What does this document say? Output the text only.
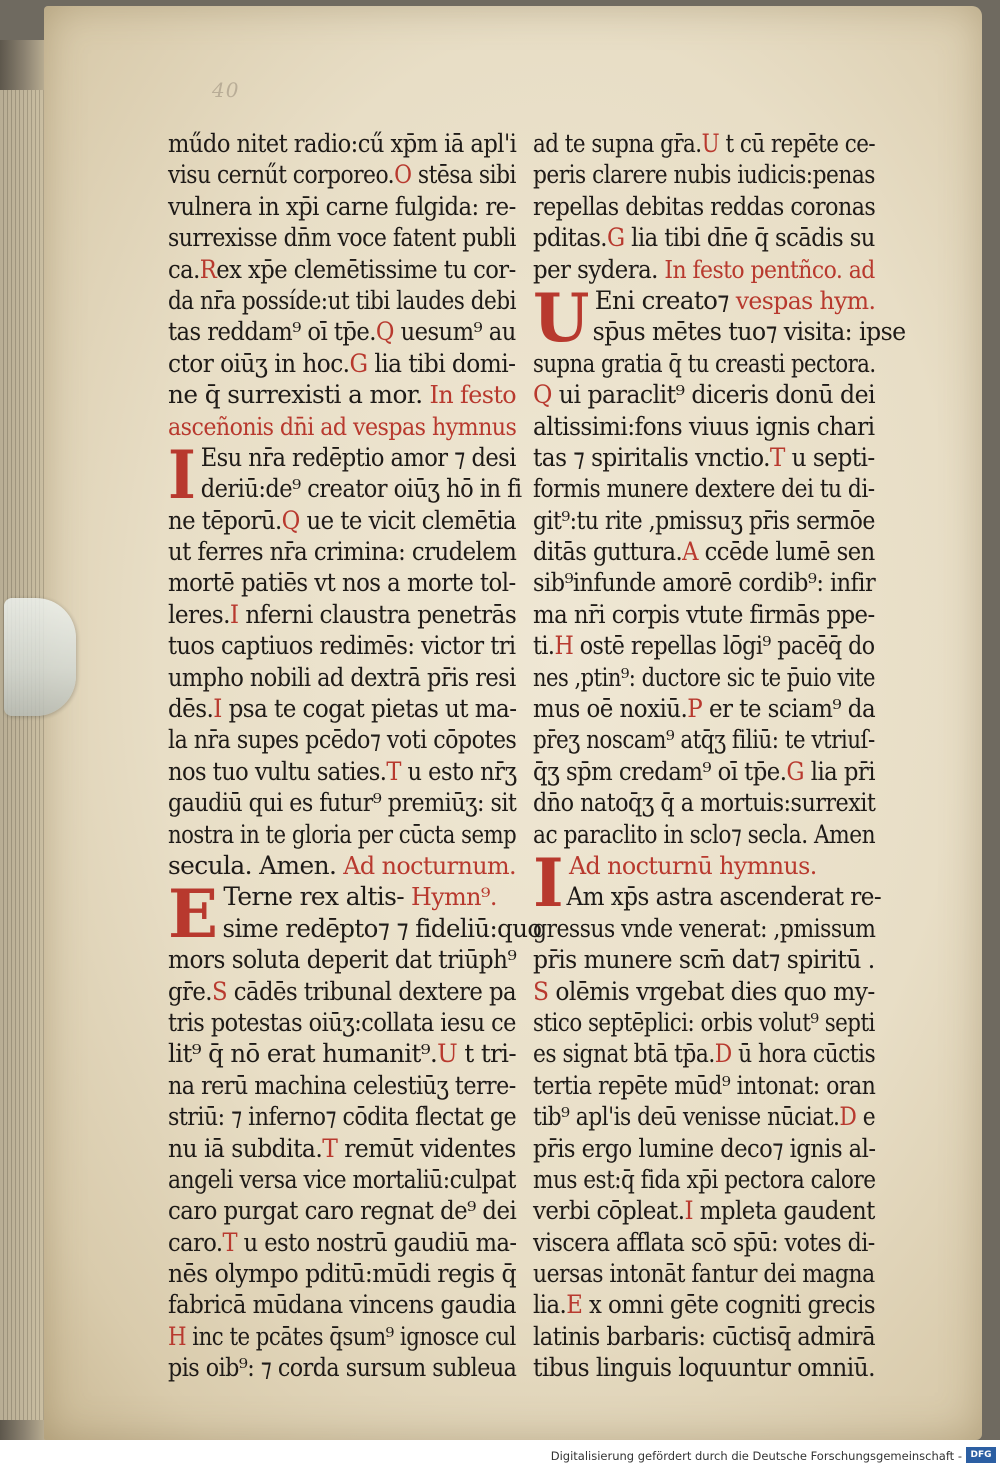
40
műdo nitet radio:cű xp̄m iā apl'i
visu cernűt corporeo.O stēsa sibi
vulnera in xp̄i carne fulgida: re-
surrexisse dn̄m voce fatent publi
ca.Rex xp̄e clemētissime tu cor-
da nr̄a possíde:ut tibi laudes debi
tas reddam⁹ oī tp̄e.Q uesum⁹ au
ctor oiūʒ in hoc.G lia tibi domi-
ne q̄ surrexisti a mor. In festo
asceñonis dn̄i ad vespas hymnus
I Esu nr̄a redēptio amor ⁊ desi
deriū:de⁹ creator oiūʒ hō in fi
ne tēporū.Q ue te vicit clemētia
ut ferres nr̄a crimina: crudelem
mortē patiēs vt nos a morte tol-
leres.I nferni claustra penetrās
tuos captiuos redimēs: victor tri
umpho nobili ad dextrā pr̄is resi
dēs.I psa te cogat pietas ut ma-
la nr̄a supes pcēdo⁊ voti cōpotes
nos tuo vultu saties.T u esto nr̄ʒ
gaudiū qui es futur⁹ premiūʒ: sit
nostra in te gloria per cūcta semp
secula. Amen. Ad nocturnum.
E Terne rex altis- Hymn⁹.
sime redēpto⁊ ⁊ fideliū:quo
mors soluta deperit dat triūph⁹
gr̄e.S cādēs tribunal dextere pa
tris potestas oiūʒ:collata iesu ce
lit⁹ q̄ nō erat humanit⁹.U t tri-
na rerū machina celestiūʒ terre-
striū: ⁊ inferno⁊ cōdita flectat ge
nu iā subdita.T remūt videntes
angeli versa vice mortaliū:culpat
caro purgat caro regnat de⁹ dei
caro.T u esto nostrū gaudiū ma-
nēs olympo pditū:mūdi regis q̄
fabricā mūdana vincens gaudia
H inc te pcātes q̄sum⁹ ignosce cul
pis oib⁹: ⁊ corda sursum subleua
ad te supna gr̄a.U t cū repēte ce-
peris clarere nubis iudicis:penas
repellas debitas reddas coronas
pditas.G lia tibi dn̄e q̄ scādis su
per sydera. In festo pentñco. ad
U Eni creato⁊ vespas hym.
sp̄us mētes tuo⁊ visita: ipse
supna gratia q̄ tu creasti pectora.
Q ui paraclit⁹ diceris donū dei
altissimi:fons viuus ignis chari
tas ⁊ spiritalis vnctio.T u septi-
formis munere dextere dei tu di-
git⁹:tu rite ,pmissuʒ pr̄is sermōe
ditās guttura.A ccēde lumē sen
sib⁹infunde amorē cordib⁹: infir
ma nr̄i corpis vtute firmās ppe-
ti.H ostē repellas lōgi⁹ pacēq̄ do
nes ,ptin⁹: ductore sic te p̄uio vite
mus oē noxiū.P er te sciam⁹ da
pr̄eʒ noscam⁹ atq̄ʒ filiū: te vtriuſ-
q̄ʒ sp̄m credam⁹ oī tp̄e.G lia pr̄i
dn̄o natoq̄ʒ q̄ a mortuis:surrexit
ac paraclito in sclo⁊ secla. Amen
I Ad nocturnū hymnus.
Am xp̄s astra ascenderat re-
gressus vnde venerat: ,pmissum
pr̄is munere scm̄ dat⁊ spiritū .
S olēmis vrgebat dies quo my-
stico septēplici: orbis volut⁹ septi
es signat btā tp̄a.D ū hora cūctis
tertia repēte mūd⁹ intonat: oran
tib⁹ apl'is deū venisse nūciat.D e
pr̄is ergo lumine deco⁊ ignis al-
mus est:q̄ fida xp̄i pectora calore
verbi cōpleat.I mpleta gaudent
viscera afflata scō sp̄ū: votes di-
uersas intonāt fantur dei magna
lia.E x omni gēte cogniti grecis
latinis barbaris: cūctisq̄ admirā
tibus linguis loquuntur omniū.
Digitalisierung gefördert durch die Deutsche Forschungsgemeinschaft - DFG
